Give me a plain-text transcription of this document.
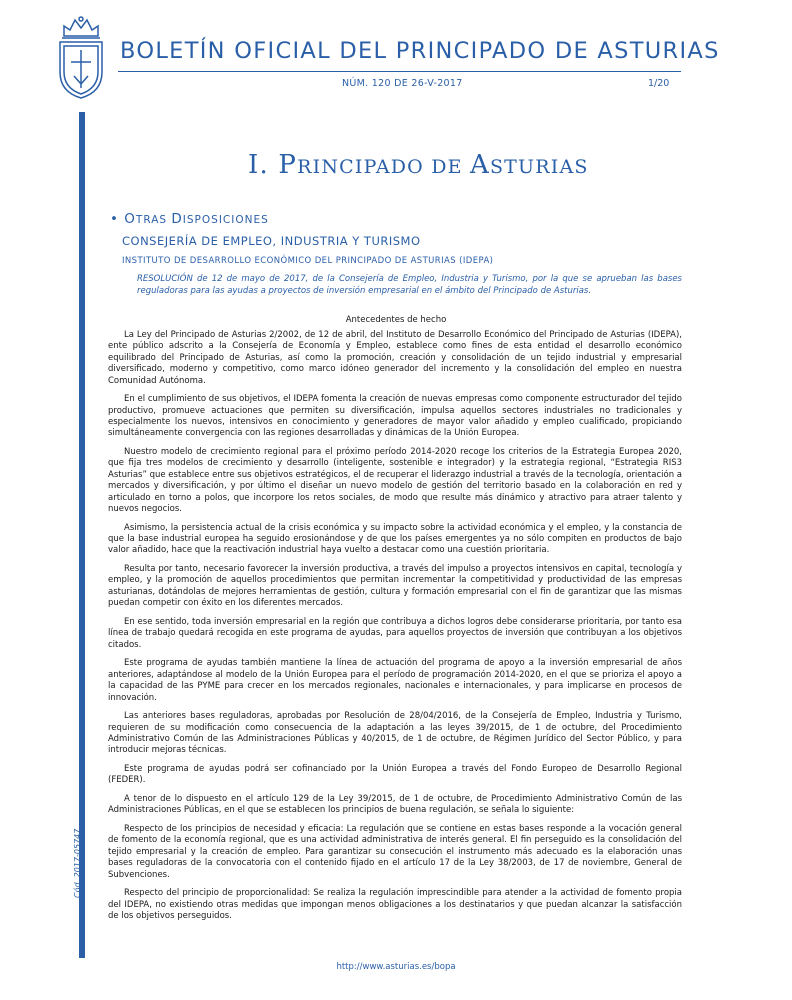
BOLETÍN OFICIAL DEL PRINCIPADO DE ASTURIAS
NÚM. 120 DE 26-V-2017	1/20
Cód. 2017-05747
I. PRINCIPADO DE ASTURIAS
• OTRAS DISPOSICIONES
CONSEJERÍA DE EMPLEO, INDUSTRIA Y TURISMO
INSTITUTO DE DESARROLLO ECONÓMICO DEL PRINCIPADO DE ASTURIAS (IDEPA)
RESOLUCIÓN de 12 de mayo de 2017, de la Consejería de Empleo, Industria y Turismo, por la que se aprueban las bases reguladoras para las ayudas a proyectos de inversión empresarial en el ámbito del Principado de Asturias.
Antecedentes de hecho

La Ley del Principado de Asturias 2/2002, de 12 de abril, del Instituto de Desarrollo Económico del Principado de Asturias (IDEPA), ente público adscrito a la Consejería de Economía y Empleo, establece como fines de esta entidad el desarrollo económico equilibrado del Principado de Asturias, así como la promoción, creación y consolidación de un tejido industrial y empresarial diversificado, moderno y competitivo, como marco idóneo generador del incremento y la consolidación del empleo en nuestra Comunidad Autónoma.

En el cumplimiento de sus objetivos, el IDEPA fomenta la creación de nuevas empresas como componente estructurador del tejido productivo, promueve actuaciones que permiten su diversificación, impulsa aquellos sectores industriales no tradicionales y especialmente los nuevos, intensivos en conocimiento y generadores de mayor valor añadido y empleo cualificado, propiciando simultáneamente convergencia con las regiones desarrolladas y dinámicas de la Unión Europea.

Nuestro modelo de crecimiento regional para el próximo período 2014-2020 recoge los criterios de la Estrategia Europea 2020, que fija tres modelos de crecimiento y desarrollo (inteligente, sostenible e integrador) y la estrategia regional, “Estrategia RIS3 Asturias” que establece entre sus objetivos estratégicos, el de recuperar el liderazgo industrial a través de la tecnología, orientación a mercados y diversificación, y por último el diseñar un nuevo modelo de gestión del territorio basado en la colaboración en red y articulado en torno a polos, que incorpore los retos sociales, de modo que resulte más dinámico y atractivo para atraer talento y nuevos negocios.

Asimismo, la persistencia actual de la crisis económica y su impacto sobre la actividad económica y el empleo, y la constancia de que la base industrial europea ha seguido erosionándose y de que los países emergentes ya no sólo compiten en productos de bajo valor añadido, hace que la reactivación industrial haya vuelto a destacar como una cuestión prioritaria.

Resulta por tanto, necesario favorecer la inversión productiva, a través del impulso a proyectos intensivos en capital, tecnología y empleo, y la promoción de aquellos procedimientos que permitan incrementar la competitividad y productividad de las empresas asturianas, dotándolas de mejores herramientas de gestión, cultura y formación empresarial con el fin de garantizar que las mismas puedan competir con éxito en los diferentes mercados.

En ese sentido, toda inversión empresarial en la región que contribuya a dichos logros debe considerarse prioritaria, por tanto esa línea de trabajo quedará recogida en este programa de ayudas, para aquellos proyectos de inversión que contribuyan a los objetivos citados.

Este programa de ayudas también mantiene la línea de actuación del programa de apoyo a la inversión empresarial de años anteriores, adaptándose al modelo de la Unión Europea para el período de programación 2014-2020, en el que se prioriza el apoyo a la capacidad de las PYME para crecer en los mercados regionales, nacionales e internacionales, y para implicarse en procesos de innovación.

Las anteriores bases reguladoras, aprobadas por Resolución de 28/04/2016, de la Consejería de Empleo, Industria y Turismo, requieren de su modificación como consecuencia de la adaptación a las leyes 39/2015, de 1 de octubre, del Procedimiento Administrativo Común de las Administraciones Públicas y 40/2015, de 1 de octubre, de Régimen Jurídico del Sector Público, y para introducir mejoras técnicas.

Este programa de ayudas podrá ser cofinanciado por la Unión Europea a través del Fondo Europeo de Desarrollo Regional (FEDER).

A tenor de lo dispuesto en el artículo 129 de la Ley 39/2015, de 1 de octubre, de Procedimiento Administrativo Común de las Administraciones Públicas, en el que se establecen los principios de buena regulación, se señala lo siguiente:

Respecto de los principios de necesidad y eficacia: La regulación que se contiene en estas bases responde a la vocación general de fomento de la economía regional, que es una actividad administrativa de interés general. El fin perseguido es la consolidación del tejido empresarial y la creación de empleo. Para garantizar su consecución el instrumento más adecuado es la elaboración unas bases reguladoras de la convocatoria con el contenido fijado en el artículo 17 de la Ley 38/2003, de 17 de noviembre, General de Subvenciones.

Respecto del principio de proporcionalidad: Se realiza la regulación imprescindible para atender a la actividad de fomento propia del IDEPA, no existiendo otras medidas que impongan menos obligaciones a los destinatarios y que puedan alcanzar la satisfacción de los objetivos perseguidos.

http://www.asturias.es/bopa
